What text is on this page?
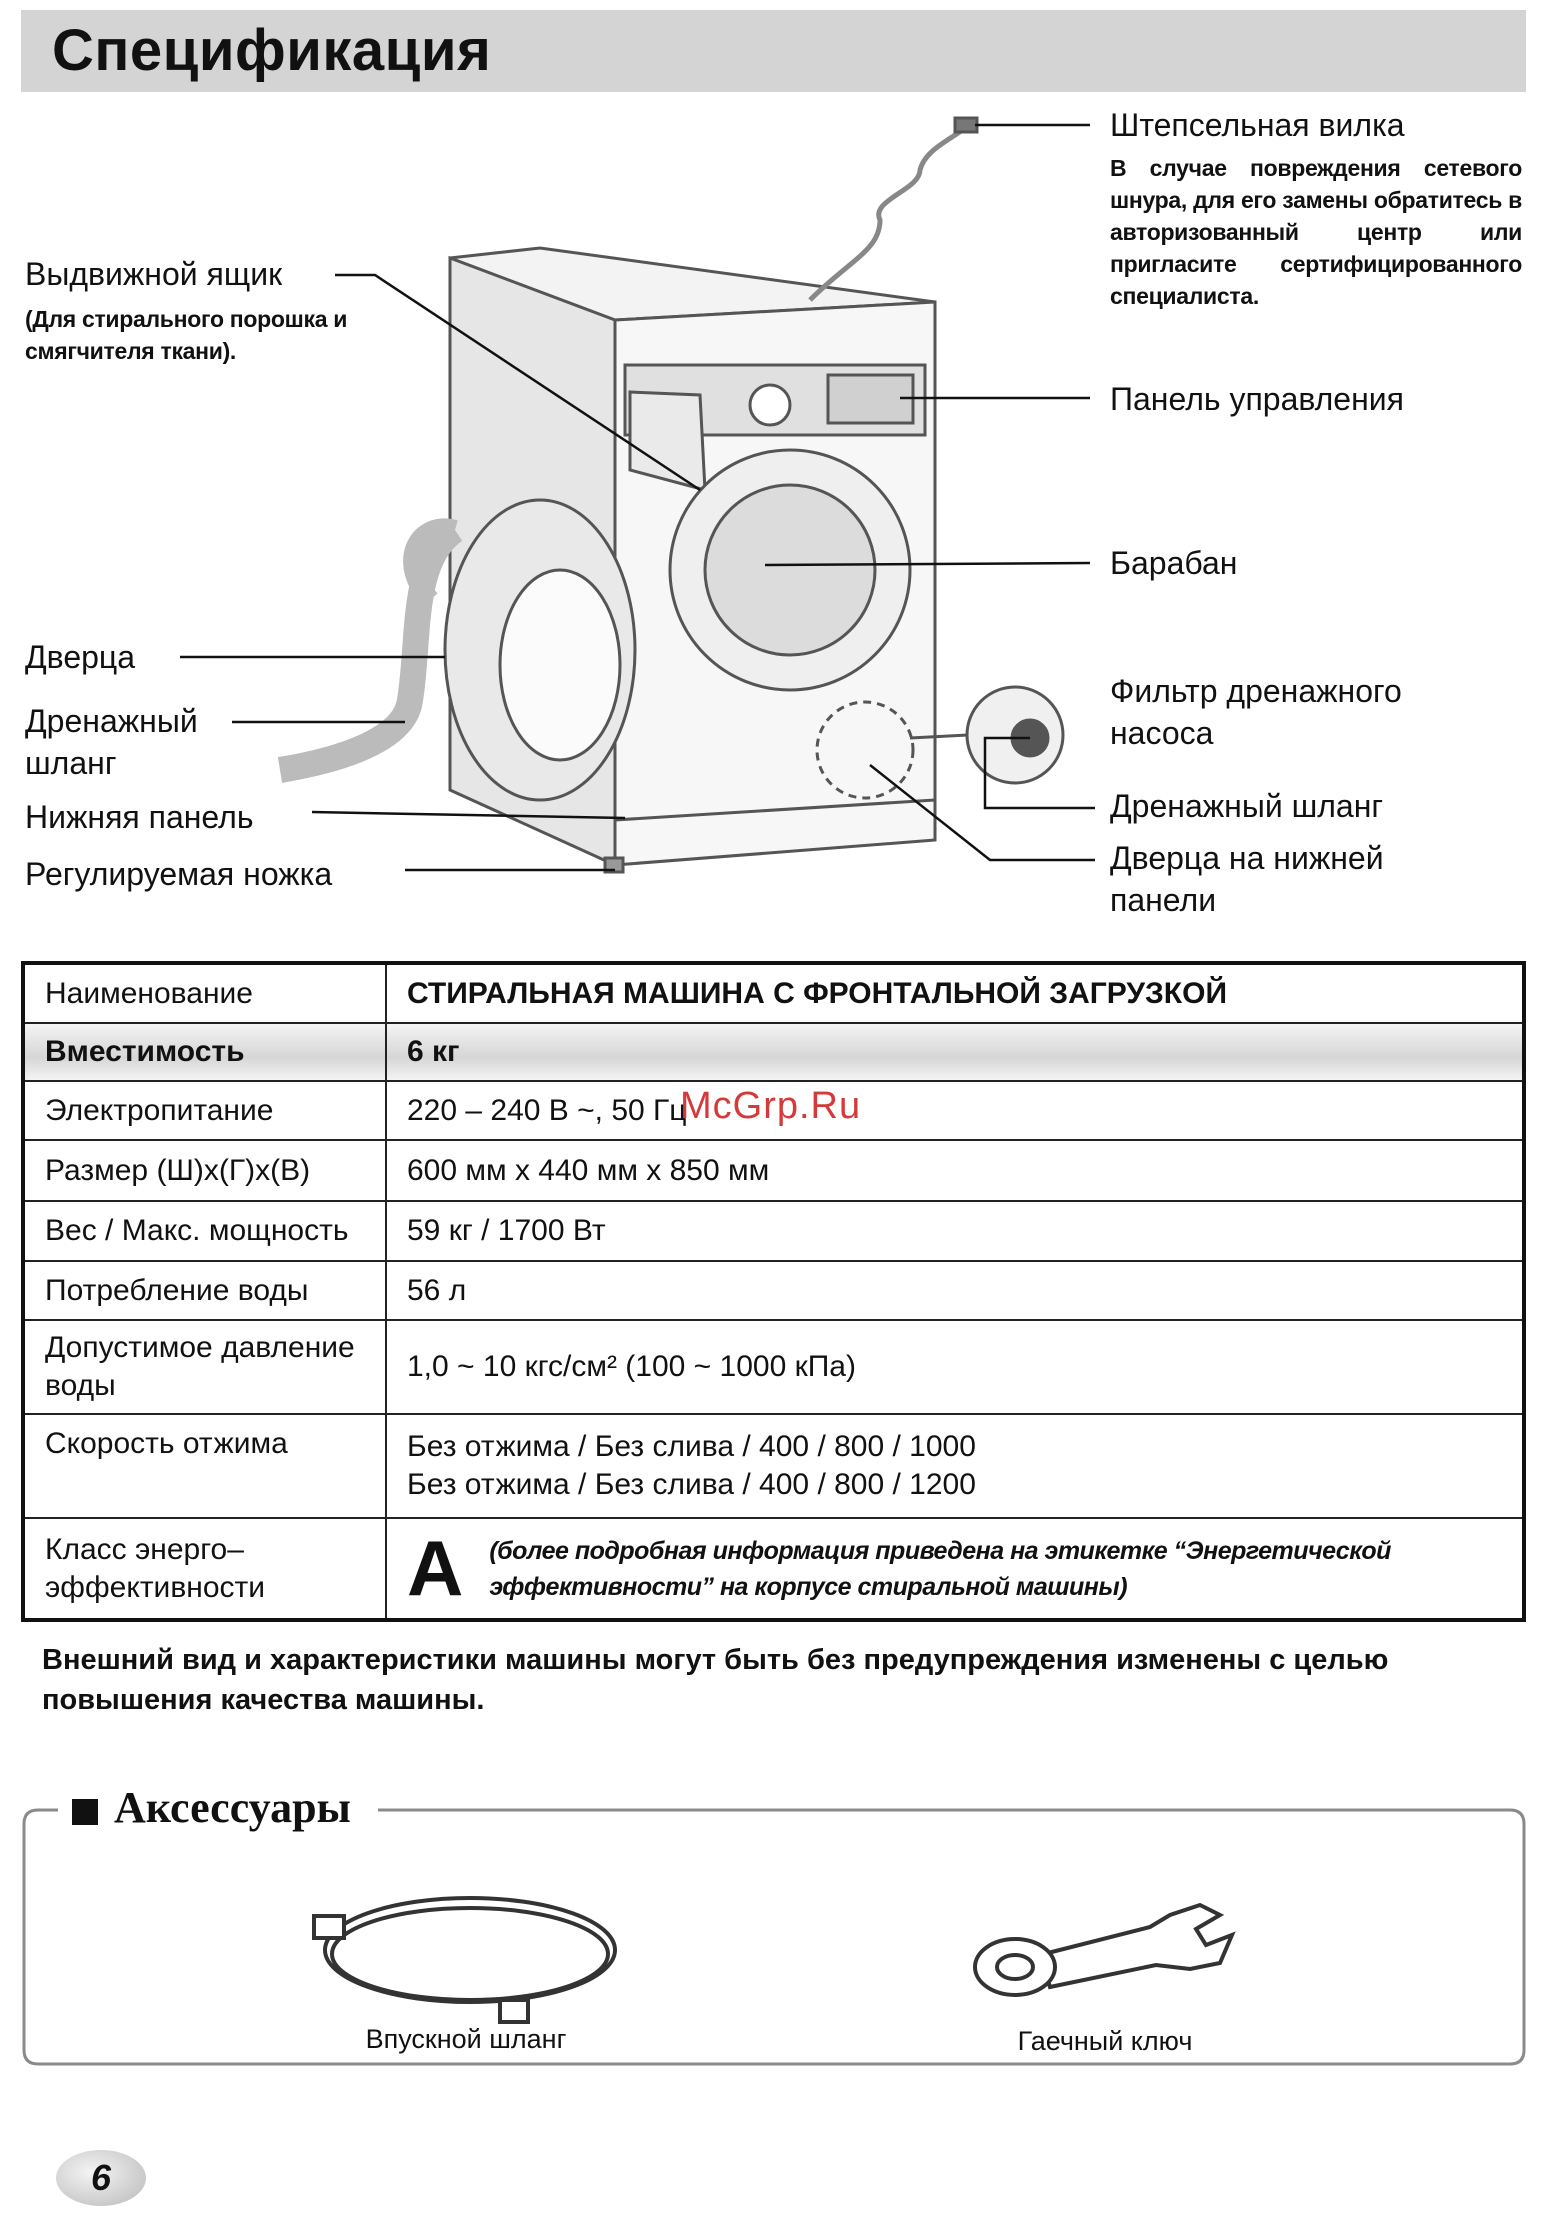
Спецификация
Штепсельная вилка
В случае повреждения сетевого шнура, для его замены обратитесь в авторизованный центр или пригласите сертифицированного специалиста.
Выдвижной ящик
(Для стирального порошка и смягчителя ткани).
Панель управления
Барабан
Дверца
Дренажный
шланг
Нижняя панель
Регулируемая ножка
Фильтр дренажного
насоса
Дренажный шланг
Дверца на нижней
панели
Наименование	СТИРАЛЬНАЯ МАШИНА С ФРОНТАЛЬНОЙ ЗАГРУЗКОЙ
Вместимость	6 кг
Электропитание	220 – 240 В ~, 50 Гц
Размер (Ш)x(Г)x(В)	600 мм x 440 мм x 850 мм
Вес / Макс. мощность	59 кг / 1700 Вт
Потребление воды	56 л
Допустимое давление воды	1,0 ~ 10 кгс/см² (100 ~ 1000 кПа)
Скорость отжима	Без отжима / Без слива / 400 / 800 / 1000
Без отжима / Без слива / 400 / 800 / 1200

Класс энерго–эффективности	A (более подробная информация приведена на этикетке “Энергетической эффективности” на корпусе стиральной машины)
McGrp.Ru
Внешний вид и характеристики машины могут быть без предупреждения изменены с целью повышения качества машины.
Аксессуары
Впускной шланг	Гаечный ключ
6
